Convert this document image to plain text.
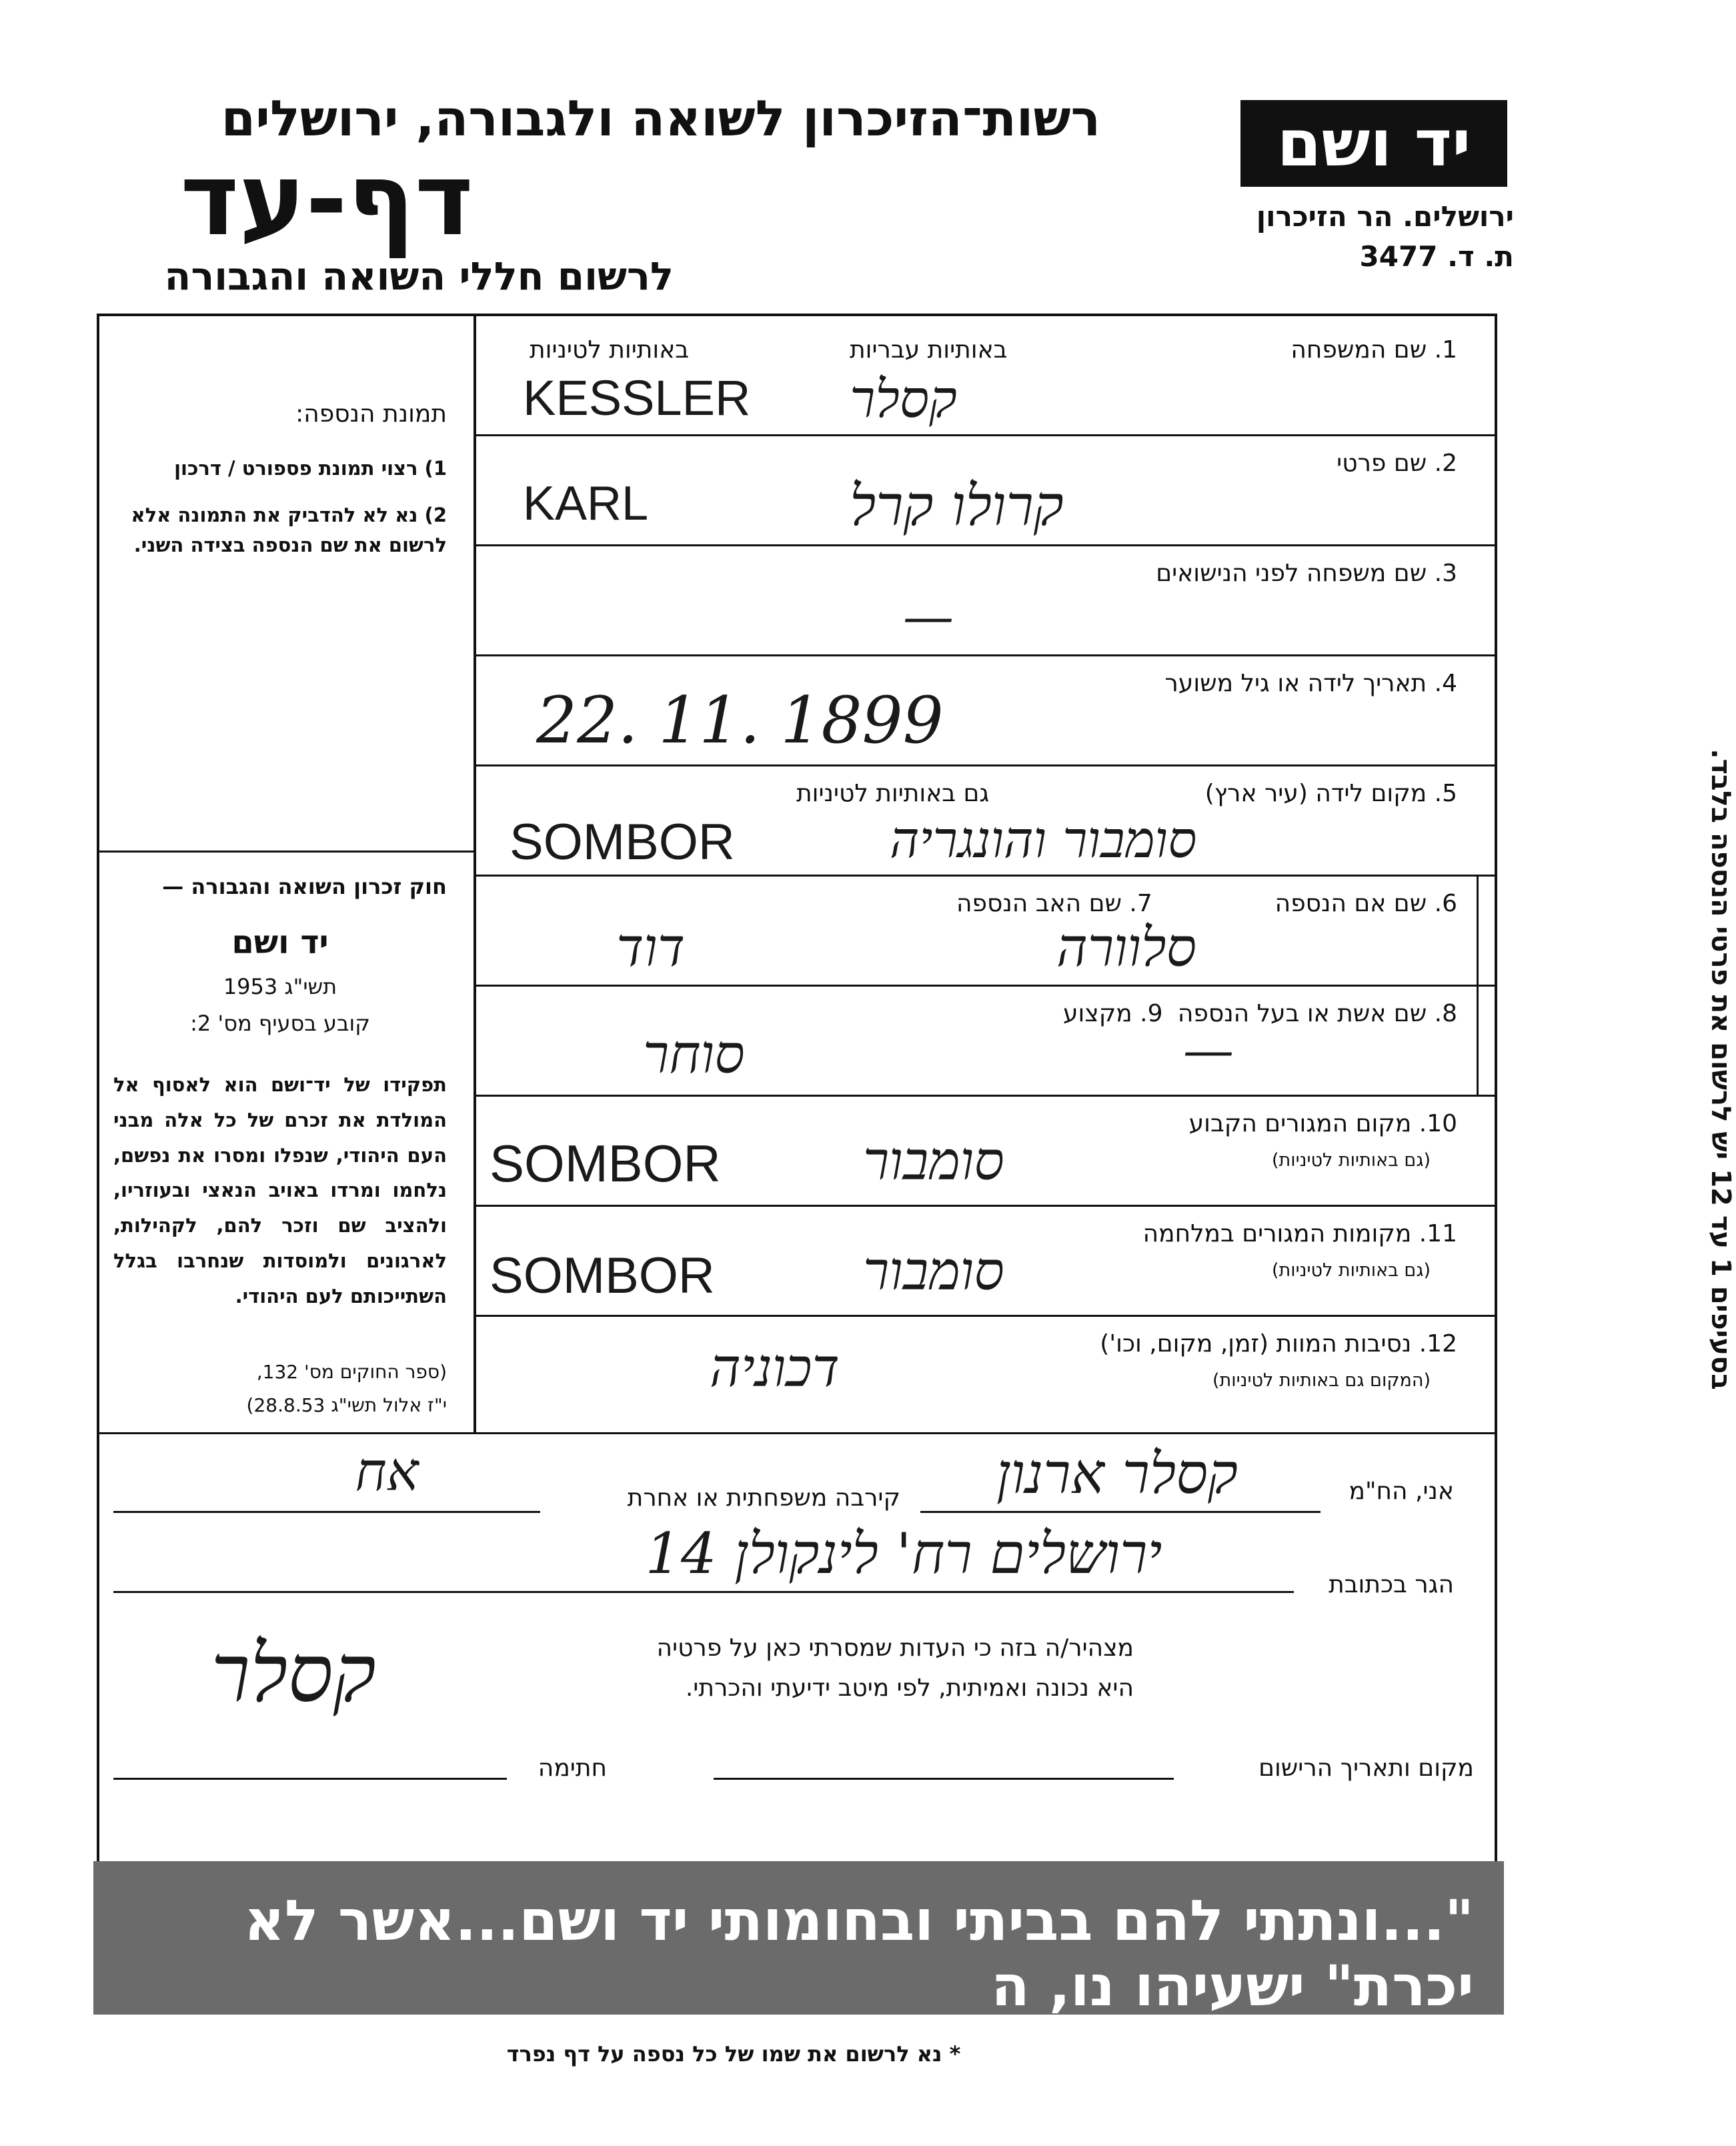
רשות־הזיכרון לשואה ולגבורה, ירושלים
דף-עד
לרשום חללי השואה והגבורה
יד ושם
ירושלים. הר הזיכרון
ת. ד. 3477
תמונת הנספה:
1) רצוי תמונת פספורט / דרכון
2) נא לא להדביק את התמונה אלא לרשום את שם הנספה בצידה השני.
חוק זכרון השואה והגבורה —
יד ושם
תשי"ג 1953
קובע בסעיף מס' 2:
תפקידו של יד־ושם הוא לאסוף אל המולדת את זכרם של כל אלה מבני העם היהודי, שנפלו ומסרו את נפשם, נלחמו ומרדו באויב הנאצי ובעוזריו, ולהציב שם וזכר להם, לקהילות, לארגונים ולמוסדות שנחרבו בגלל השתייכותם לעם היהודי.
(ספר החוקים מס' 132,
י"ז אלול תשי"ג 28.8.53)
1. שם המשפחה
באותיות עבריות
באותיות לטיניות
קסלר
KESSLER
2. שם פרטי
קרולו קרל
KARL
3. שם משפחה לפני הנישואים
—
4. תאריך לידה או גיל משוער
22. 11. 1899
5. מקום לידה (עיר ארץ)
גם באותיות לטיניות
סומבור והונגריה
SOMBOR
6. שם אם הנספה
סלוורה
7. שם האב הנספה
דוד
8. שם אשת או בעל הנספה
—
9. מקצוע
סוחר
10. מקום המגורים הקבוע
(גם באותיות לטיניות)
סומבור
SOMBOR
11. מקומות המגורים במלחמה
(גם באותיות לטיניות)
סומבור
SOMBOR
12. נסיבות המוות (זמן, מקום, וכו')
(המקום גם באותיות לטיניות)
דכוניה
אני, הח"מ
קסלר ארנון
קירבה משפחתית או אחרת
אח
הגר בכתובת
ירושלים רח' לינקולן 14
מצהיר/ה בזה כי העדות שמסרתי כאן על פרטיה
היא נכונה ואמיתית, לפי מיטב ידיעתי והכרתי.
קסלר
מקום ותאריך הרישום
חתימה
"...ונתתי להם בביתי ובחומותי יד ושם...אשר לא יכרת" ישעיהו נו, ה
* נא לרשום את שמו של כל נספה על דף נפרד
בסעיפים 1 עד 12 יש לרשום את פרטי הנספה בלבד.
